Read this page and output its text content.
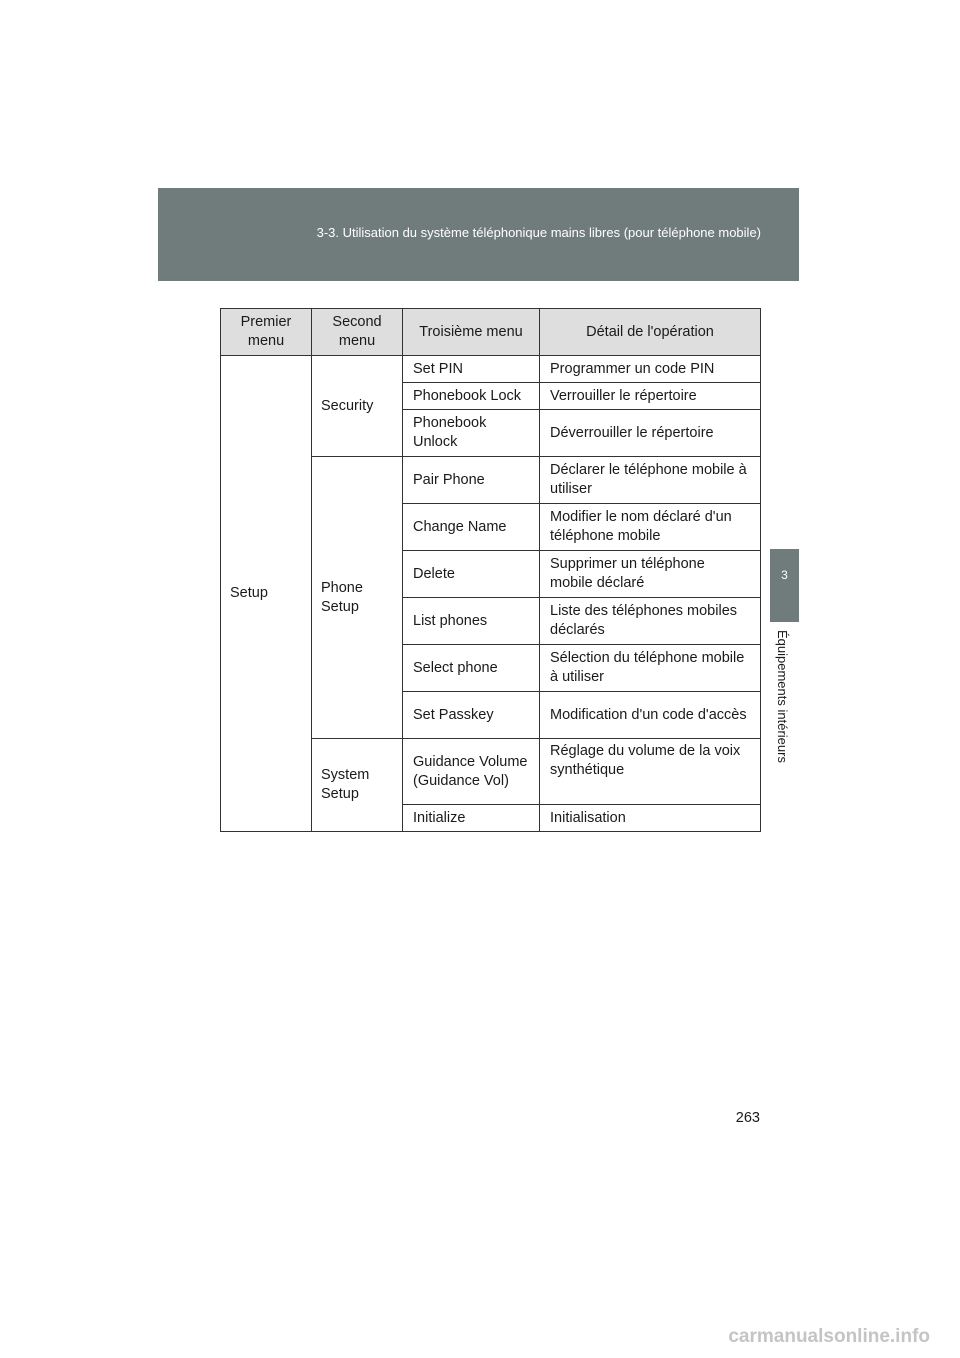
3-3. Utilisation du système téléphonique mains libres (pour téléphone mobile)
3
Équipements intérieurs
Premier menu	Second menu	Troisième menu	Détail de l'opération
Setup	Security	Set PIN	Programmer un code PIN
		Phonebook Lock	Verrouiller le répertoire
		Phonebook Unlock	Déverrouiller le répertoire
	Phone Setup	Pair Phone	Déclarer le téléphone mobile à utiliser
		Change Name	Modifier le nom déclaré d'un téléphone mobile
		Delete	Supprimer un téléphone mobile déclaré
		List phones	Liste des téléphones mobiles déclarés
		Select phone	Sélection du téléphone mobile à utiliser
		Set Passkey	Modification d'un code d'accès
	System Setup	Guidance Volume (Guidance Vol)	Réglage du volume de la voix synthétique
		Initialize	Initialisation
263
carmanualsonline.info
